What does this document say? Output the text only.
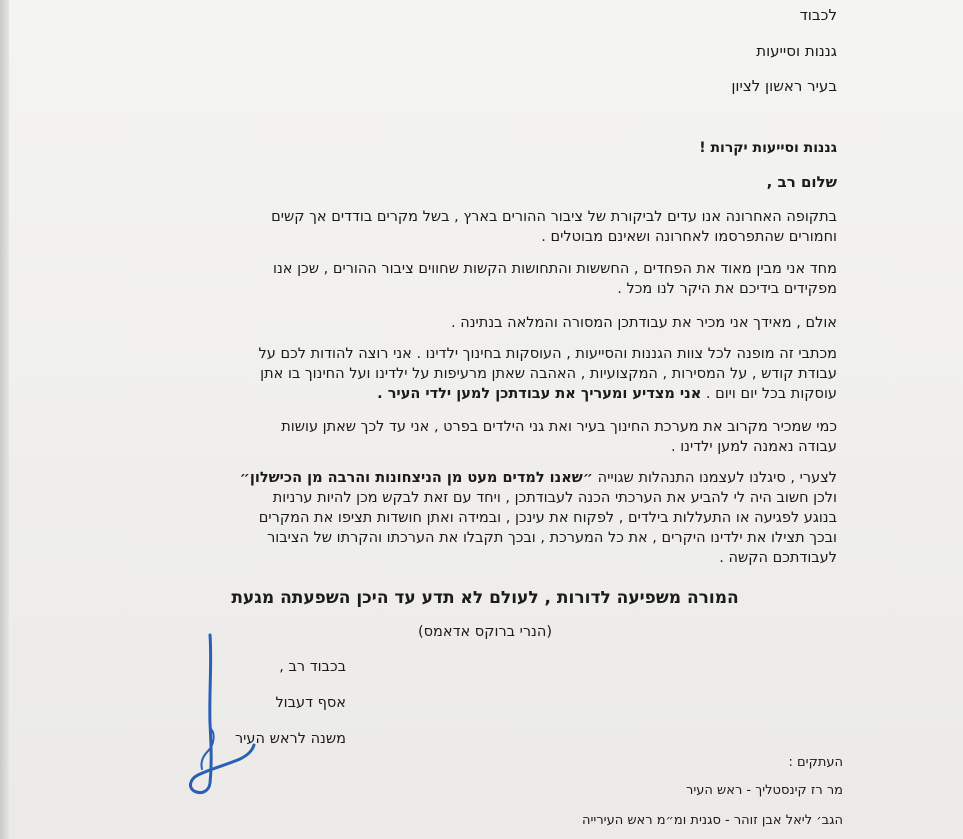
לכבוד

גננות וסייעות

בעיר ראשון לציון

גננות וסייעות יקרות !

שלום רב ,

בתקופה האחרונה אנו עדים לביקורת של ציבור ההורים בארץ , בשל מקרים בודדים אך קשים
וחמורים שהתפרסמו לאחרונה ושאינם מבוטלים .
מחד אני מבין מאוד את הפחדים , החששות והתחושות הקשות שחווים ציבור ההורים , שכן אנו
מפקידים בידיכם את היקר לנו מכל .
אולם , מאידך אני מכיר את עבודתכן המסורה והמלאה בנתינה .
מכתבי זה מופנה לכל צוות הגננות והסייעות , העוסקות בחינוך ילדינו . אני רוצה להודות לכם על
עבודת קודש , על המסירות , המקצועיות , האהבה שאתן מרעיפות על ילדינו ועל החינוך בו אתן
עוסקות בכל יום ויום . אני מצדיע ומעריך את עבודתכן למען ילדי העיר .
כמי שמכיר מקרוב את מערכת החינוך בעיר ואת גני הילדים בפרט , אני עד לכך שאתן עושות
עבודה נאמנה למען ילדינו .
לצערי , סיגלנו לעצמנו התנהלות שגוייה ״שאנו למדים מעט מן הניצחונות והרבה מן הכישלון״
ולכן חשוב היה לי להביע את הערכתי הכנה לעבודתכן , ויחד עם זאת לבקש מכן להיות ערניות
בנוגע לפגיעה או התעללות בילדים , לפקוח את עינכן , ובמידה ואתן חושדות תציפו את המקרים
ובכך תצילו את ילדינו היקרים , את כל המערכת , ובכך תקבלו את הערכתו והקרתו של הציבור
לעבודתכם הקשה .

המורה משפיעה לדורות , לעולם לא תדע עד היכן השפעתה מגעת

(הנרי ברוקס אדאמס)

בכבוד רב ,

אסף דעבול

משנה לראש העיר

העתקים :

מר רז קינסטליך - ראש העיר

הגב׳ ליאל אבן זוהר - סגנית ומ״מ ראש העירייה
